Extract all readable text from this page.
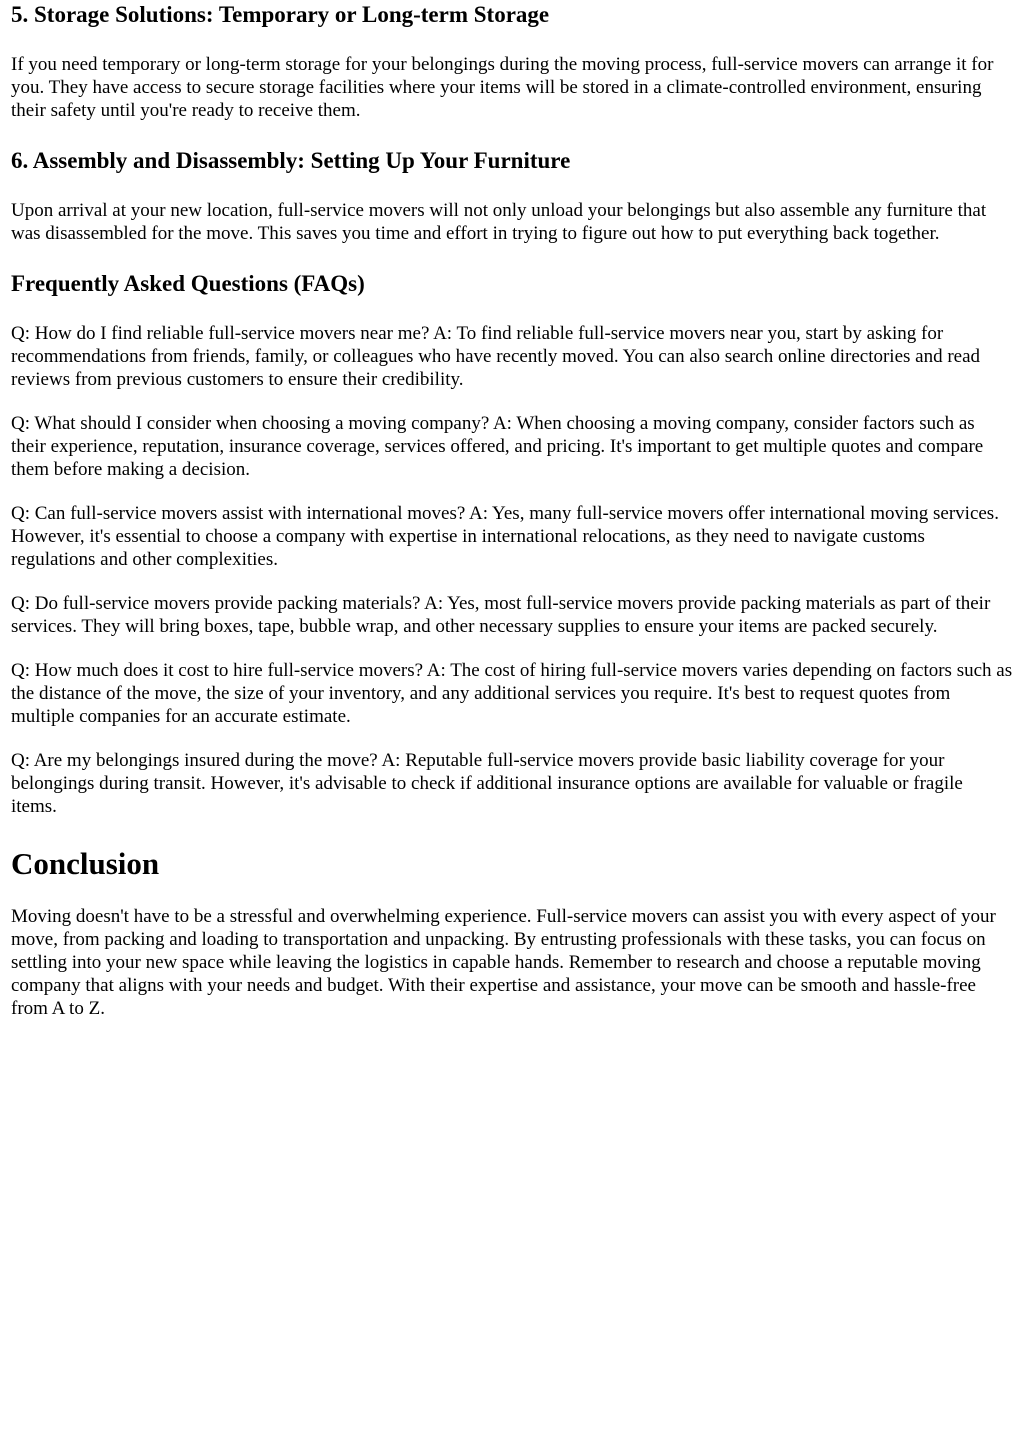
5. Storage Solutions: Temporary or Long-term Storage

If you need temporary or long-term storage for your belongings during the moving process, full-service movers can arrange it for you. They have access to secure storage facilities where your items will be stored in a climate-controlled environment, ensuring their safety until you're ready to receive them.

6. Assembly and Disassembly: Setting Up Your Furniture

Upon arrival at your new location, full-service movers will not only unload your belongings but also assemble any furniture that was disassembled for the move. This saves you time and effort in trying to figure out how to put everything back together.

Frequently Asked Questions (FAQs)

Q: How do I find reliable full-service movers near me? A: To find reliable full-service movers near you, start by asking for recommendations from friends, family, or colleagues who have recently moved. You can also search online directories and read reviews from previous customers to ensure their credibility.

Q: What should I consider when choosing a moving company? A: When choosing a moving company, consider factors such as their experience, reputation, insurance coverage, services offered, and pricing. It's important to get multiple quotes and compare them before making a decision.

Q: Can full-service movers assist with international moves? A: Yes, many full-service movers offer international moving services. However, it's essential to choose a company with expertise in international relocations, as they need to navigate customs regulations and other complexities.

Q: Do full-service movers provide packing materials? A: Yes, most full-service movers provide packing materials as part of their services. They will bring boxes, tape, bubble wrap, and other necessary supplies to ensure your items are packed securely.

Q: How much does it cost to hire full-service movers? A: The cost of hiring full-service movers varies depending on factors such as the distance of the move, the size of your inventory, and any additional services you require. It's best to request quotes from multiple companies for an accurate estimate.

Q: Are my belongings insured during the move? A: Reputable full-service movers provide basic liability coverage for your belongings during transit. However, it's advisable to check if additional insurance options are available for valuable or fragile items.

Conclusion

Moving doesn't have to be a stressful and overwhelming experience. Full-service movers can assist you with every aspect of your move, from packing and loading to transportation and unpacking. By entrusting professionals with these tasks, you can focus on settling into your new space while leaving the logistics in capable hands. Remember to research and choose a reputable moving company that aligns with your needs and budget. With their expertise and assistance, your move can be smooth and hassle-free from A to Z.
